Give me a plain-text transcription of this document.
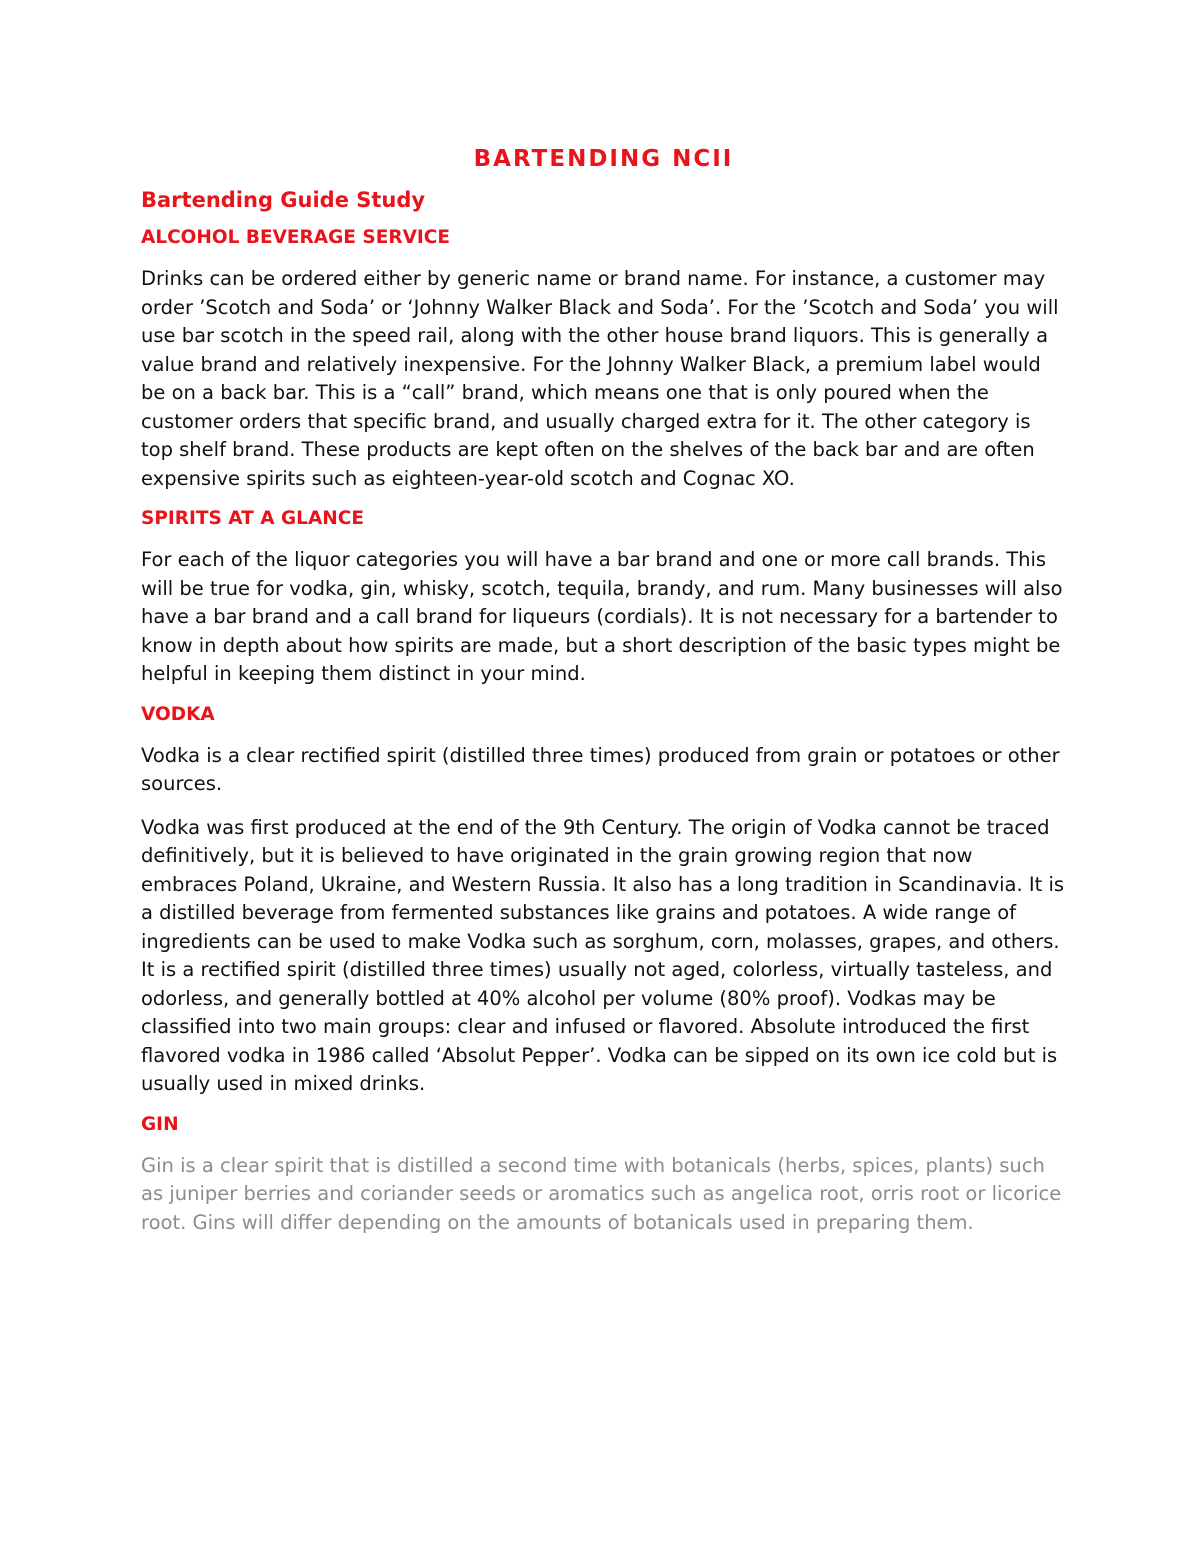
BARTENDING NCII
Bartending Guide Study
ALCOHOL BEVERAGE SERVICE

Drinks can be ordered either by generic name or brand name. For instance, a customer may order ’Scotch and Soda’ or ‘Johnny Walker Black and Soda’. For the ’Scotch and Soda’ you will use bar scotch in the speed rail, along with the other house brand liquors. This is generally a value brand and relatively inexpensive. For the Johnny Walker Black, a premium label would be on a back bar. This is a “call” brand, which means one that is only poured when the customer orders that specific brand, and usually charged extra for it. The other category is top shelf brand. These products are kept often on the shelves of the back bar and are often expensive spirits such as eighteen-year-old scotch and Cognac XO.

SPIRITS AT A GLANCE

For each of the liquor categories you will have a bar brand and one or more call brands. This will be true for vodka, gin, whisky, scotch, tequila, brandy, and rum. Many businesses will also have a bar brand and a call brand for liqueurs (cordials). It is not necessary for a bartender to know in depth about how spirits are made, but a short description of the basic types might be helpful in keeping them distinct in your mind.

VODKA

Vodka is a clear rectified spirit (distilled three times) produced from grain or potatoes or other sources.

Vodka was first produced at the end of the 9th Century. The origin of Vodka cannot be traced definitively, but it is believed to have originated in the grain growing region that now embraces Poland, Ukraine, and Western Russia. It also has a long tradition in Scandinavia. It is a distilled beverage from fermented substances like grains and potatoes. A wide range of ingredients can be used to make Vodka such as sorghum, corn, molasses, grapes, and others. It is a rectified spirit (distilled three times) usually not aged, colorless, virtually tasteless, and odorless, and generally bottled at 40% alcohol per volume (80% proof). Vodkas may be classified into two main groups: clear and infused or flavored. Absolute introduced the first flavored vodka in 1986 called ‘Absolut Pepper’. Vodka can be sipped on its own ice cold but is usually used in mixed drinks.

GIN

Gin is a clear spirit that is distilled a second time with botanicals (herbs, spices, plants) such as juniper berries and coriander seeds or aromatics such as angelica root, orris root or licorice root. Gins will differ depending on the amounts of botanicals used in preparing them.
